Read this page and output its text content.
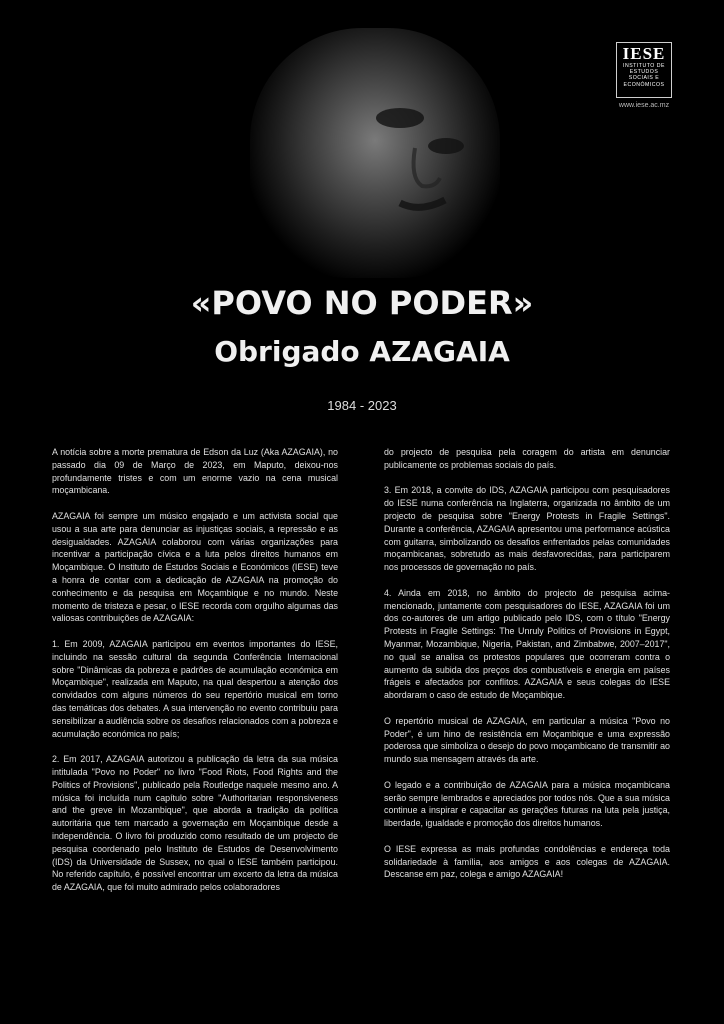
IESE
INSTITUTO DE
ESTUDOS
SOCIAIS E
ECONÓMICOS
www.iese.ac.mz
«POVO NO PODER»
Obrigado AZAGAIA
1984 - 2023

A notícia sobre a morte prematura de Edson da Luz (Aka AZAGAIA), no passado dia 09 de Março de 2023, em Maputo, deixou-nos profundamente tristes e com um enorme vazio na cena musical moçambicana.

AZAGAIA foi sempre um músico engajado e um activista social que usou a sua arte para denunciar as injustiças sociais, a repressão e as desigualdades. AZAGAIA colaborou com várias organizações para incentivar a participação cívica e a luta pelos direitos humanos em Moçambique. O Instituto de Estudos Sociais e Económicos (IESE) teve a honra de contar com a dedicação de AZAGAIA na promoção do conhecimento e da pesquisa em Moçambique e no mundo. Neste momento de tristeza e pesar, o IESE recorda com orgulho algumas das valiosas contribuições de AZAGAIA:

1. Em 2009, AZAGAIA participou em eventos importantes do IESE, incluindo na sessão cultural da segunda Conferência Internacional sobre "Dinâmicas da pobreza e padrões de acumulação económica em Moçambique", realizada em Maputo, na qual despertou a atenção dos convidados com alguns números do seu repertório musical em torno das temáticas dos debates. A sua intervenção no evento contribuiu para sensibilizar a audiência sobre os desafios relacionados com a pobreza e acumulação económica no país;

2. Em 2017, AZAGAIA autorizou a publicação da letra da sua música intitulada "Povo no Poder" no livro "Food Riots, Food Rights and the Politics of Provisions", publicado pela Routledge naquele mesmo ano. A música foi incluída num capítulo sobre "Authoritarian responsiveness and the greve in Mozambique", que aborda a tradição da política autoritária que tem marcado a governação em Moçambique desde a independência. O livro foi produzido como resultado de um projecto de pesquisa coordenado pelo Instituto de Estudos de Desenvolvimento (IDS) da Universidade de Sussex, no qual o IESE também participou. No referido capítulo, é possível encontrar um excerto da letra da música de AZAGAIA, que foi muito admirado pelos colaboradores

do projecto de pesquisa pela coragem do artista em denunciar publicamente os problemas sociais do país.

3. Em 2018, a convite do IDS, AZAGAIA participou com pesquisadores do IESE numa conferência na Inglaterra, organizada no âmbito de um projecto de pesquisa sobre "Energy Protests in Fragile Settings". Durante a conferência, AZAGAIA apresentou uma performance acústica com guitarra, simbolizando os desafios enfrentados pelas comunidades moçambicanas, sobretudo as mais desfavorecidas, para participarem nos processos de governação no país.

4. Ainda em 2018, no âmbito do projecto de pesquisa acima-mencionado, juntamente com pesquisadores do IESE, AZAGAIA foi um dos co-autores de um artigo publicado pelo IDS, com o título "Energy Protests in Fragile Settings: The Unruly Politics of Provisions in Egypt, Myanmar, Mozambique, Nigeria, Pakistan, and Zimbabwe, 2007–2017", no qual se analisa os protestos populares que ocorreram contra o aumento da subida dos preços dos combustíveis e energia em países frágeis e afectados por conflitos. AZAGAIA e seus colegas do IESE abordaram o caso de estudo de Moçambique.

O repertório musical de AZAGAIA, em particular a música "Povo no Poder", é um hino de resistência em Moçambique e uma expressão poderosa que simboliza o desejo do povo moçambicano de transmitir ao mundo sua mensagem através da arte.

O legado e a contribuição de AZAGAIA para a música moçambicana serão sempre lembrados e apreciados por todos nós. Que a sua música continue a inspirar e capacitar as gerações futuras na luta pela justiça, liberdade, igualdade e promoção dos direitos humanos.

O IESE expressa as mais profundas condolências e endereça toda solidariedade à família, aos amigos e aos colegas de AZAGAIA. Descanse em paz, colega e amigo AZAGAIA!
